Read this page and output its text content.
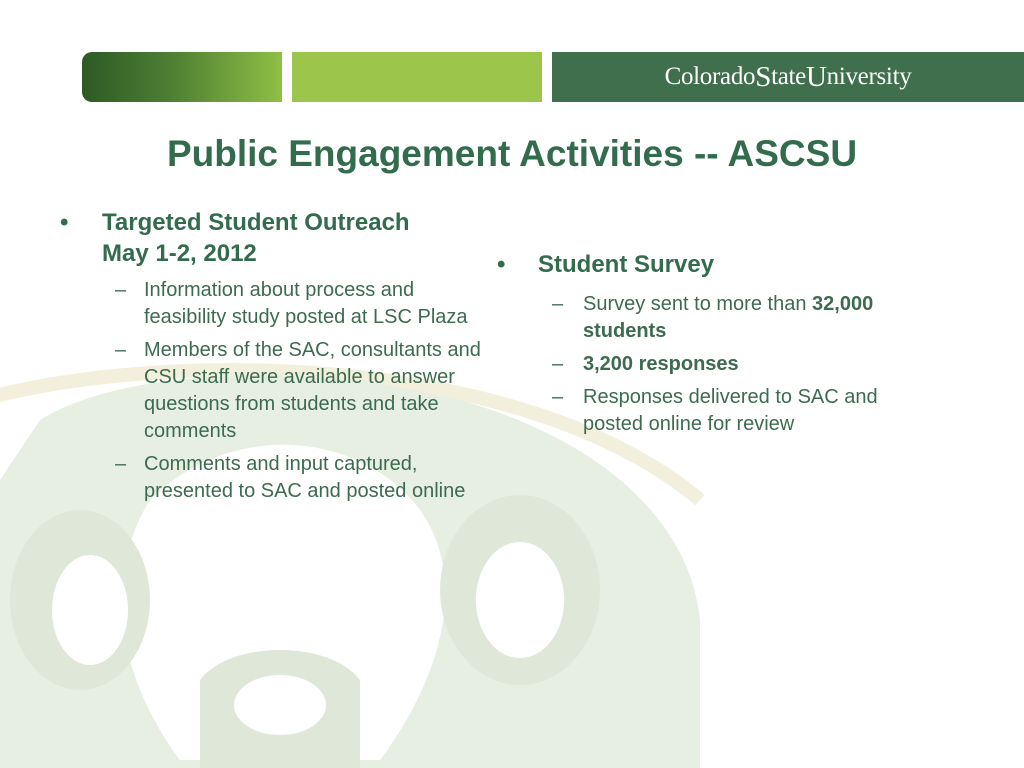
Colorado S tate U niversity
Public Engagement Activities -- ASCSU
• Targeted Student Outreach
May 1-2, 2012
– Information about process and feasibility study posted at LSC Plaza
– Members of the SAC, consultants and CSU staff were available to answer questions from students and take comments
– Comments and input captured, presented to SAC and posted online
• Student Survey
– Survey sent to more than 32,000 students
– 3,200 responses
– Responses delivered to SAC and posted online for review
